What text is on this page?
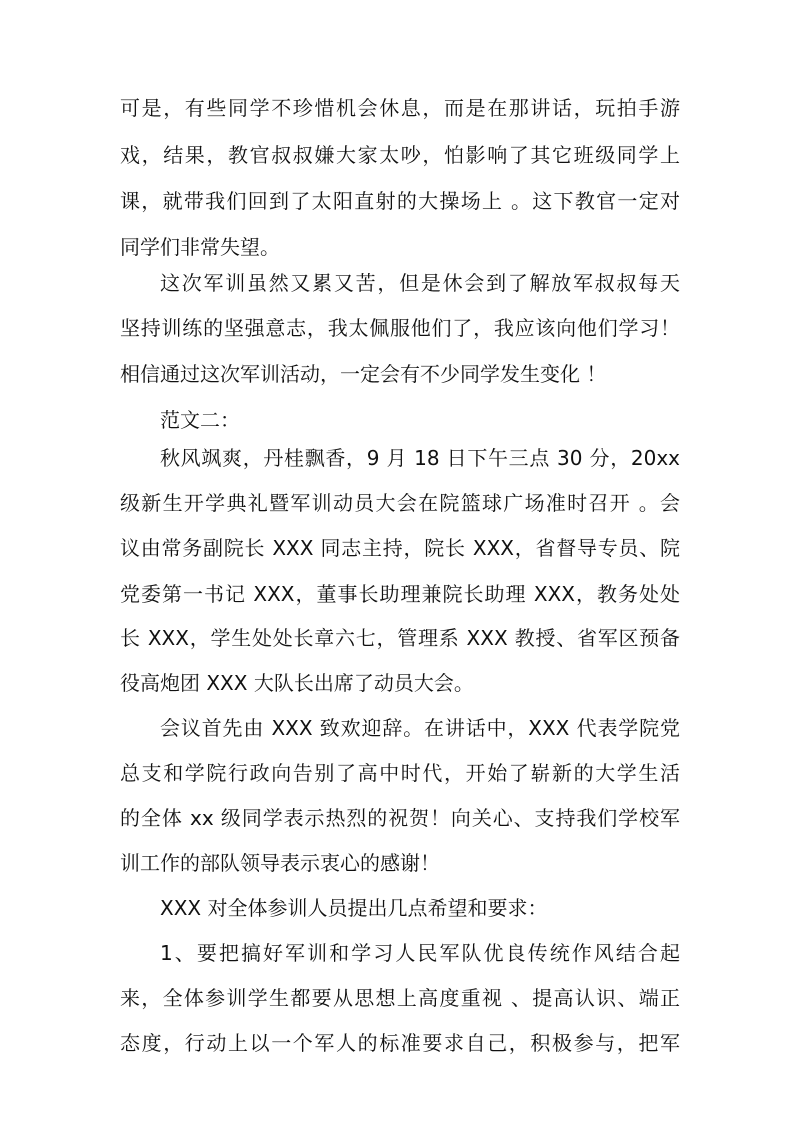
可是，有些同学不珍惜机会休息，而是在那讲话，玩拍手游
戏，结果，教官叔叔嫌大家太吵，怕影响了其它班级同学上
课，就带我们回到了太阳直射的大操场上 。这下教官一定对
同学们非常失望。
这次军训虽然又累又苦，但是休会到了解放军叔叔每天
坚持训练的坚强意志，我太佩服他们了，我应该向他们学习！
相信通过这次军训活动，一定会有不少同学发生变化 ！
范文二：
秋风飒爽，丹桂飘香，9 月 18 日下午三点 30 分，20xx
级新生开学典礼暨军训动员大会在院篮球广场准时召开 。会
议由常务副院长 XXX 同志主持，院长 XXX，省督导专员、院
党委第一书记 XXX，董事长助理兼院长助理 XXX，教务处处
长 XXX，学生处处长章六七，管理系 XXX 教授、省军区预备
役高炮团 XXX 大队长出席了动员大会。
会议首先由 XXX 致欢迎辞。在讲话中，XXX 代表学院党
总支和学院行政向告别了高中时代，开始了崭新的大学生活
的全体 xx 级同学表示热烈的祝贺！向关心、支持我们学校军
训工作的部队领导表示衷心的感谢！
XXX 对全体参训人员提出几点希望和要求：
1、要把搞好军训和学习人民军队优良传统作风结合起
来，全体参训学生都要从思想上高度重视 、提高认识、端正
态度，行动上以一个军人的标准要求自己，积极参与，把军
